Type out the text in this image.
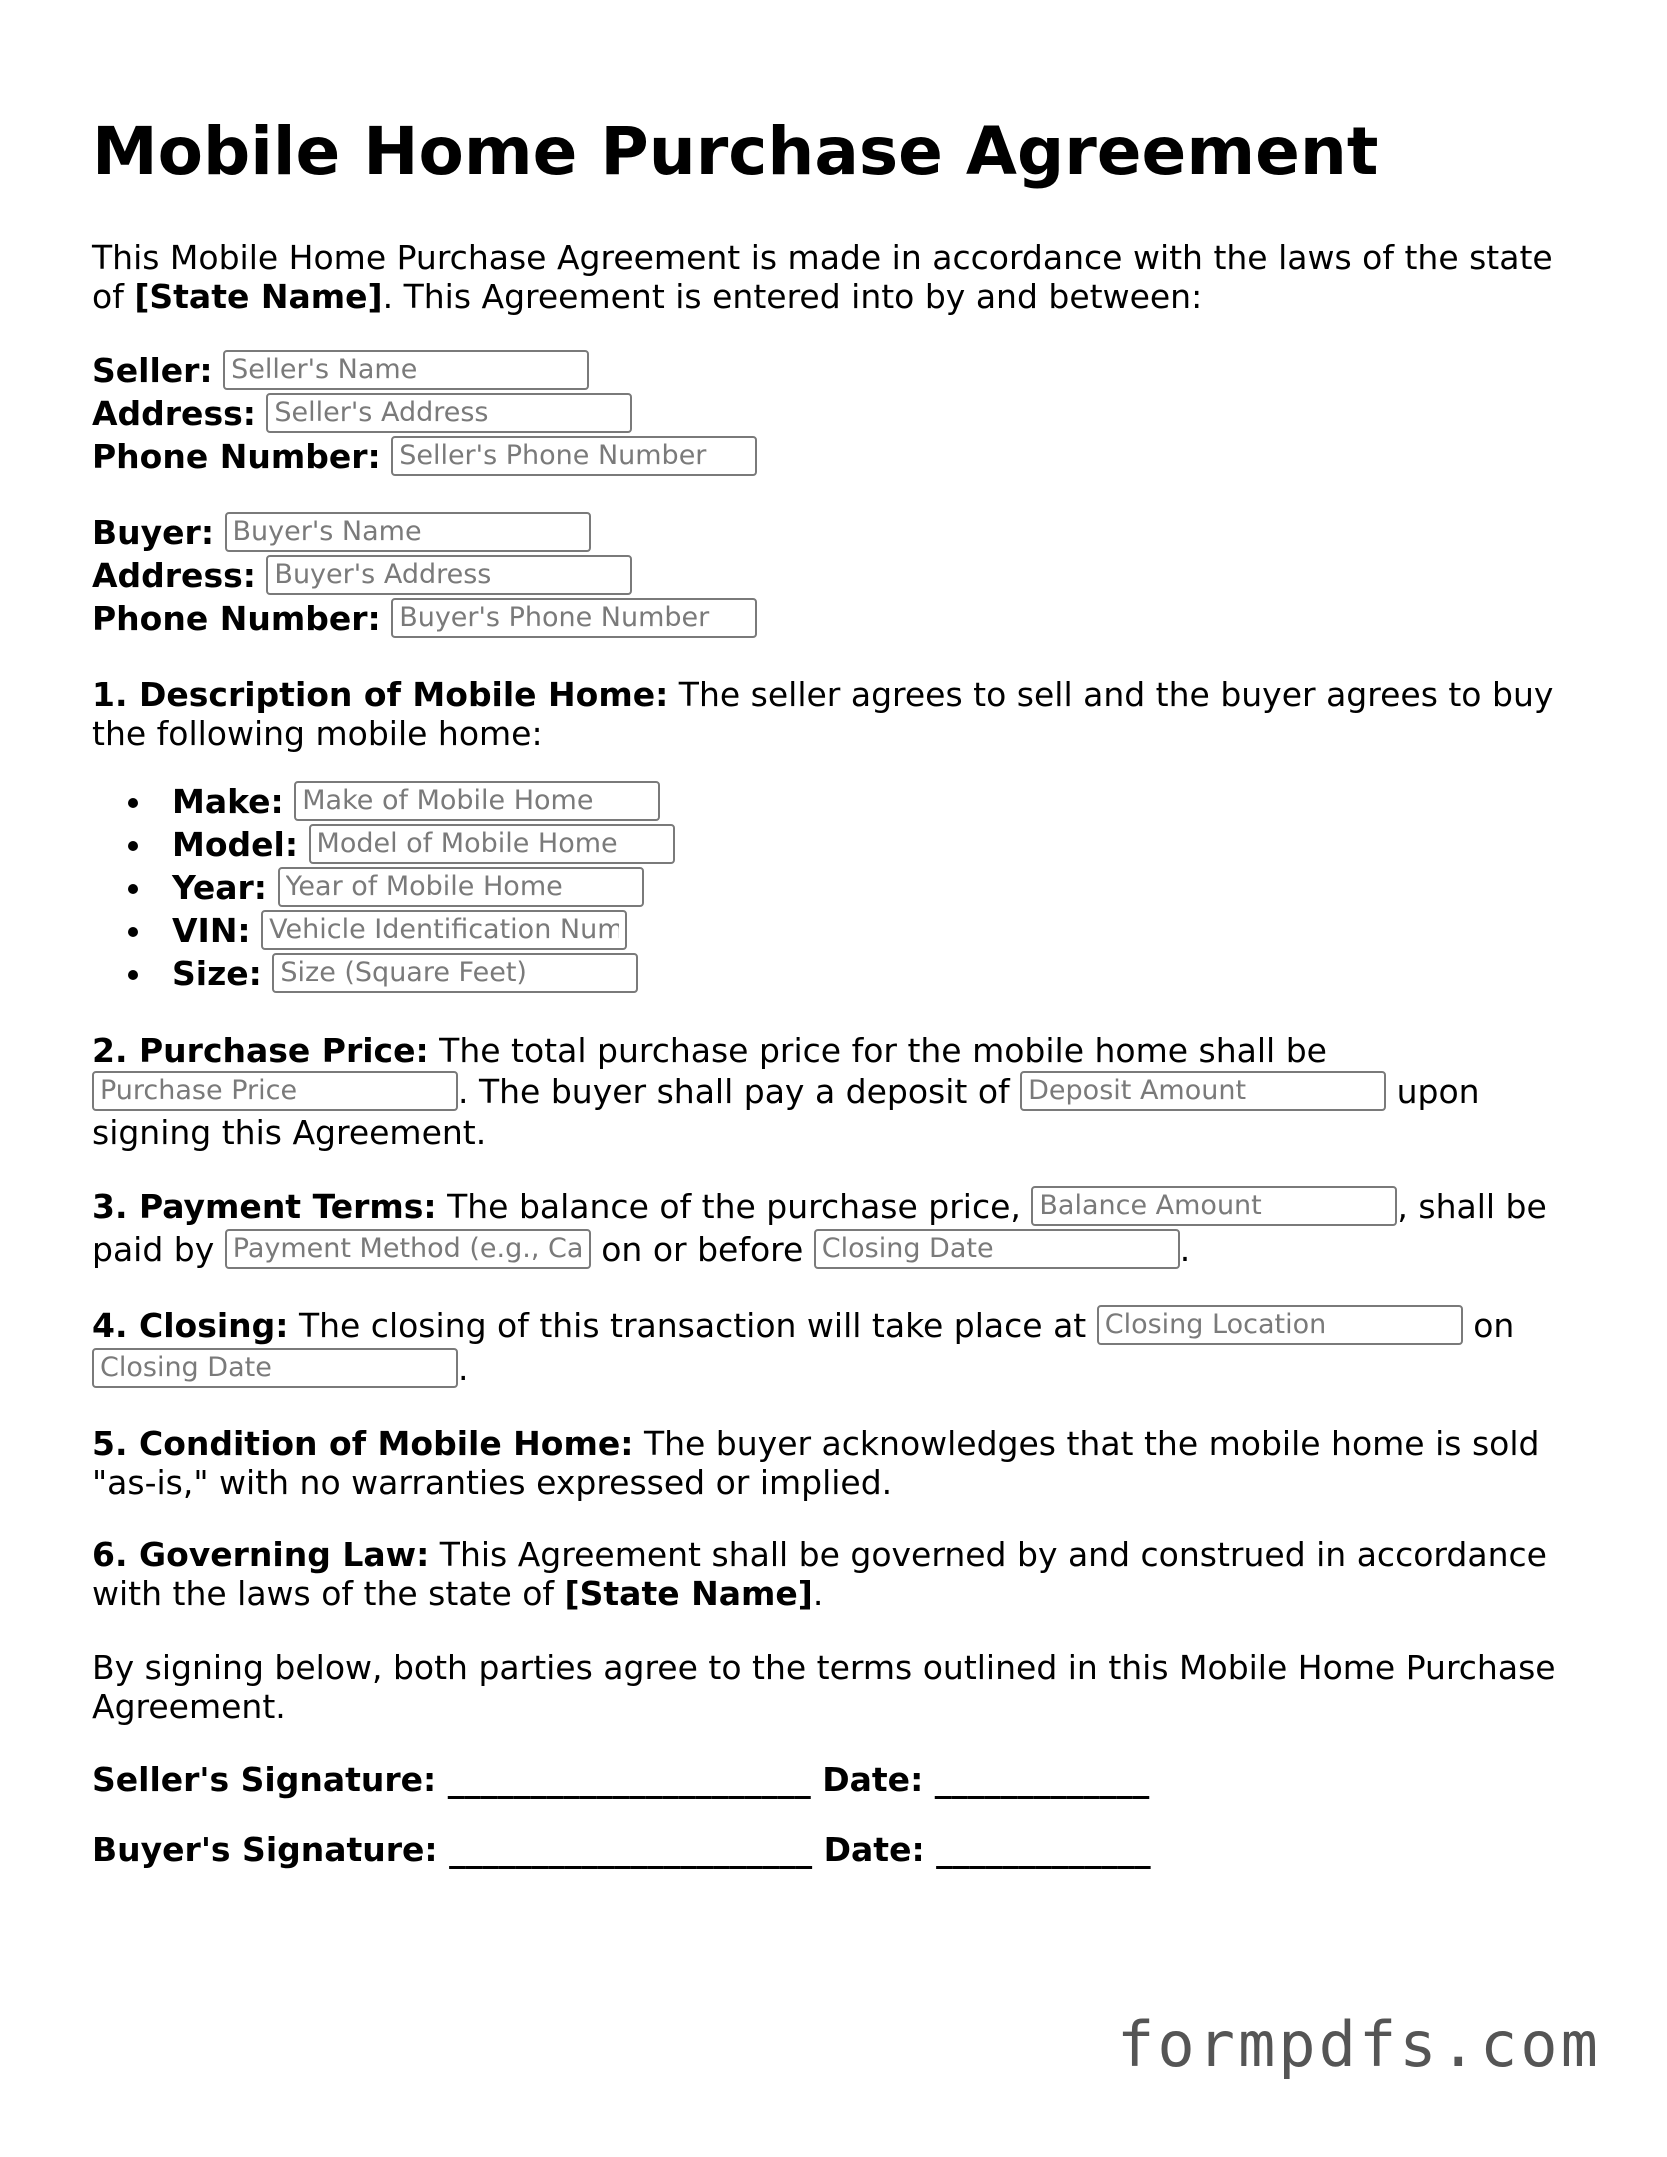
Mobile Home Purchase Agreement

This Mobile Home Purchase Agreement is made in accordance with the laws of the state of [State Name]. This Agreement is entered into by and between:

Seller: Seller's Name
Address: Seller's Address
Phone Number: Seller's Phone Number
Buyer: Buyer's Name
Address: Buyer's Address
Phone Number: Buyer's Phone Number

1. Description of Mobile Home: The seller agrees to sell and the buyer agrees to buy the following mobile home:

Make: Make of Mobile Home
Model: Model of Mobile Home
Year: Year of Mobile Home
VIN: Vehicle Identification Number
Size: Size (Square Feet)
2. Purchase Price: The total purchase price for the mobile home shall be
Purchase Price. The buyer shall pay a deposit of Deposit Amount	upon
signing this Agreement.
3. Payment Terms: The balance of the purchase price, Balance Amount	, shall be
paid by Payment Method (e.g., Cash, Check)	on or before Closing Date	.
4. Closing: The closing of this transaction will take place at Closing Location	on
Closing Date.

5. Condition of Mobile Home: The buyer acknowledges that the mobile home is sold "as-is," with no warranties expressed or implied.

6. Governing Law: This Agreement shall be governed by and construed in accordance with the laws of the state of [State Name].

By signing below, both parties agree to the terms outlined in this Mobile Home Purchase Agreement.

Seller's Signature: ______________________ Date: _____________
Buyer's Signature: ______________________ Date: _____________
formpdfs.com
